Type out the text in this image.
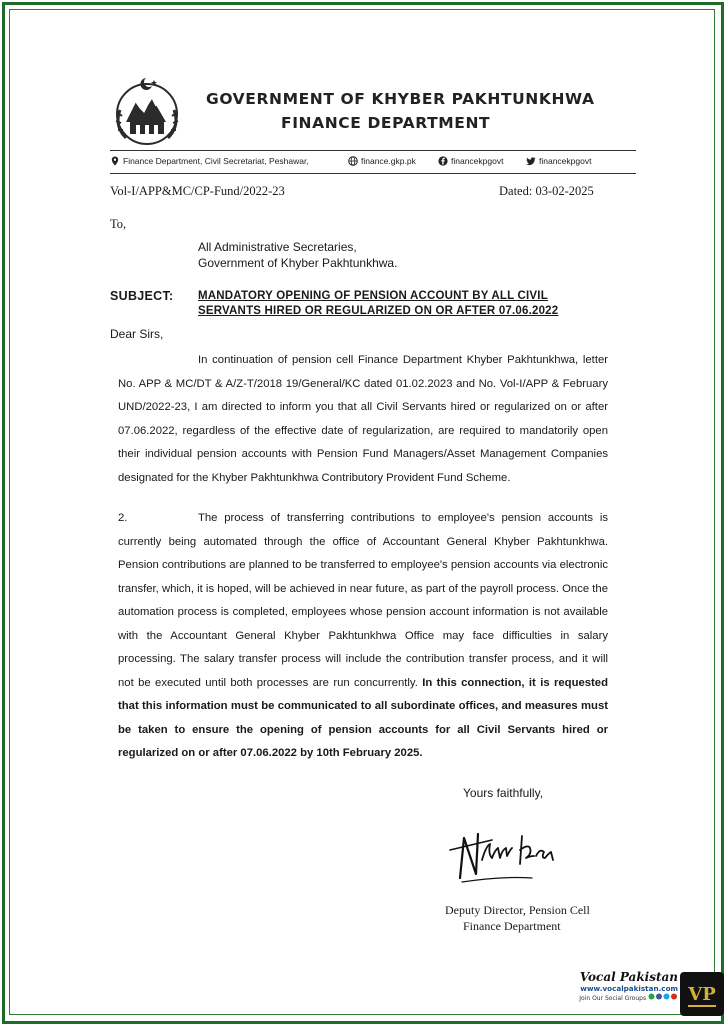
GOVERNMENT OF KHYBER PAKHTUNKHWA
FINANCE DEPARTMENT
Finance Department, Civil Secretariat, Peshawar,	finance.gkp.pk	financekpgovt	financekpgovt
Vol-I/APP&MC/CP-Fund/2022-23	Dated: 03-02-2025
To,
All Administrative Secretaries,
Government of Khyber Pakhtunkhwa.
SUBJECT: MANDATORY OPENING OF PENSION ACCOUNT BY ALL CIVIL SERVANTS HIRED OR REGULARIZED ON OR AFTER 07.06.2022
Dear Sirs,
In continuation of pension cell Finance Department Khyber Pakhtunkhwa, letter No. APP & MC/DT & A/Z-T/2018 19/General/KC dated 01.02.2023 and No. Vol-I/APP & February UND/2022-23, I am directed to inform you that all Civil Servants hired or regularized on or after 07.06.2022, regardless of the effective date of regularization, are required to mandatorily open their individual pension accounts with Pension Fund Managers/Asset Management Companies designated for the Khyber Pakhtunkhwa Contributory Provident Fund Scheme.
2.	The process of transferring contributions to employee's pension accounts is currently being automated through the office of Accountant General Khyber Pakhtunkhwa. Pension contributions are planned to be transferred to employee's pension accounts via electronic transfer, which, it is hoped, will be achieved in near future, as part of the payroll process. Once the automation process is completed, employees whose pension account information is not available with the Accountant General Khyber Pakhtunkhwa Office may face difficulties in salary processing. The salary transfer process will include the contribution transfer process, and it will not be executed until both processes are run concurrently. In this connection, it is requested that this information must be communicated to all subordinate offices, and measures must be taken to ensure the opening of pension accounts for all Civil Servants hired or regularized on or after 07.06.2022 by 10th February 2025.
Yours faithfully,
Deputy Director, Pension Cell
Finance Department
Vocal Pakistan
www.vocalpakistan.com
Join Our Social Groups	VP
